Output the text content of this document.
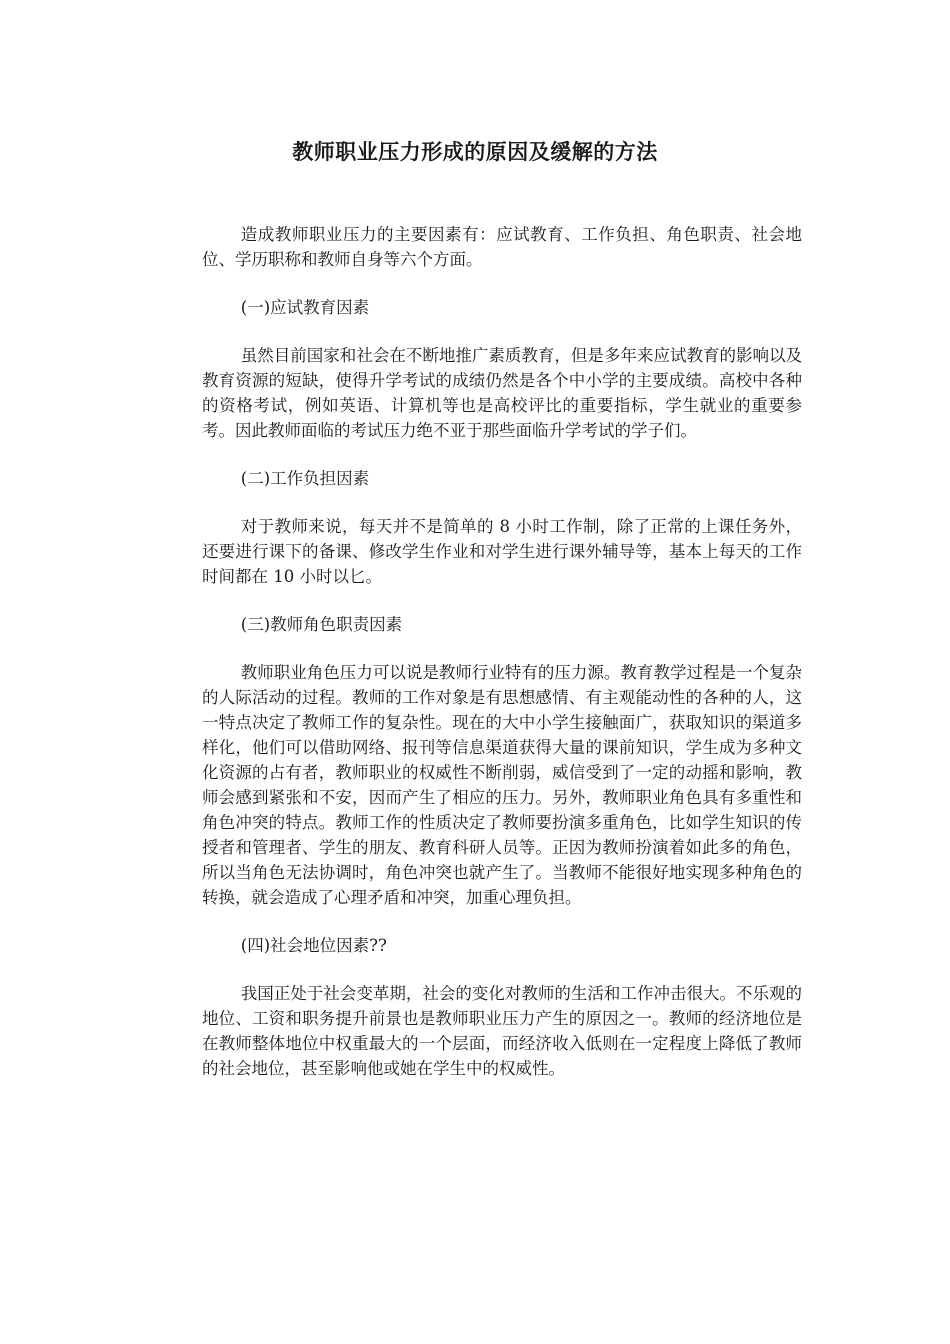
教师职业压力形成的原因及缓解的方法

造成教师职业压力的主要因素有：应试教育、工作负担、角色职责、社会地位、学历职称和教师自身等六个方面。

(一)应试教育因素

虽然目前国家和社会在不断地推广素质教育，但是多年来应试教育的影响以及教育资源的短缺，使得升学考试的成绩仍然是各个中小学的主要成绩。高校中各种的资格考试，例如英语、计算机等也是高校评比的重要指标，学生就业的重要参考。因此教师面临的考试压力绝不亚于那些面临升学考试的学子们。

(二)工作负担因素

对于教师来说，每天并不是简单的 8 小时工作制，除了正常的上课任务外，还要进行课下的备课、修改学生作业和对学生进行课外辅导等，基本上每天的工作时间都在 10 小时以匕。

(三)教师角色职责因素

教师职业角色压力可以说是教师行业特有的压力源。教育教学过程是一个复杂的人际活动的过程。教师的工作对象是有思想感情、有主观能动性的各种的人，这一特点决定了教师工作的复杂性。现在的大中小学生接触面广，获取知识的渠道多样化，他们可以借助网络、报刊等信息渠道获得大量的课前知识，学生成为多种文化资源的占有者，教师职业的权威性不断削弱，威信受到了一定的动摇和影响，教师会感到紧张和不安，因而产生了相应的压力。另外，教师职业角色具有多重性和角色冲突的特点。教师工作的性质决定了教师要扮演多重角色，比如学生知识的传授者和管理者、学生的朋友、教育科研人员等。正因为教师扮演着如此多的角色，所以当角色无法协调时，角色冲突也就产生了。当教师不能很好地实现多种角色的转换，就会造成了心理矛盾和冲突，加重心理负担。

(四)社会地位因素??

我国正处于社会变革期，社会的变化对教师的生活和工作冲击很大。不乐观的地位、工资和职务提升前景也是教师职业压力产生的原因之一。教师的经济地位是在教师整体地位中权重最大的一个层面，而经济收入低则在一定程度上降低了教师的社会地位，甚至影响他或她在学生中的权威性。
